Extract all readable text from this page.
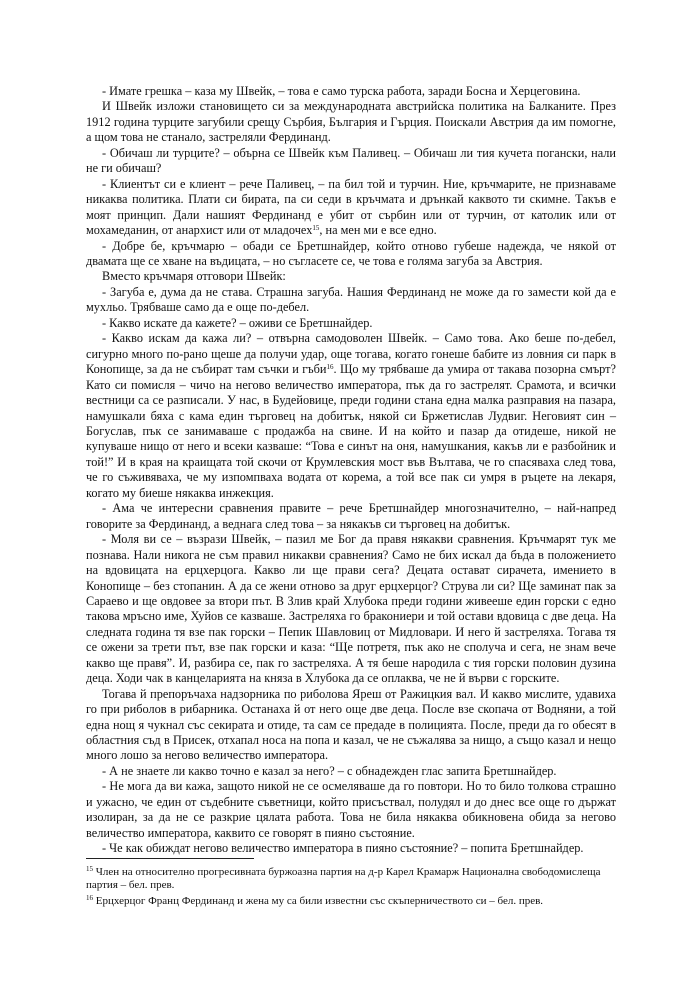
- Имате грешка – каза му Швейк, – това е само турска работа, заради Босна и Херцеговина.

И Швейк изложи становището си за международната австрийска политика на Балканите. През 1912 година турците загубили срещу Сърбия, България и Гърция. Поискали Австрия да им помогне, а щом това не станало, застреляли Фердинанд.

- Обичаш ли турците? – обърна се Швейк към Паливец. – Обичаш ли тия кучета погански, нали не ги обичаш?

- Клиентът си е клиент – рече Паливец, – па бил той и турчин. Ние, кръчмарите, не признаваме никаква политика. Плати си бирата, па си седи в кръчмата и дрънкай каквото ти скимне. Такъв е моят принцип. Дали нашият Фердинанд е убит от сърбин или от турчин, от католик или от мохамеданин, от анархист или от младочех$^{15}$, на мен ми е все едно.

- Добре бе, кръчмарю – обади се Бретшнайдер, който отново губеше надежда, че някой от двамата ще се хване на въдицата, – но съгласете се, че това е голяма загуба за Австрия.

Вместо кръчмаря отговори Швейк:

- Загуба е, дума да не става. Страшна загуба. Нашия Фердинанд не може да го замести кой да е мухльо. Трябваше само да е още по-дебел.

- Какво искате да кажете? – оживи се Бретшнайдер.

- Какво искам да кажа ли? – отвърна самодоволен Швейк. – Само това. Ако беше по-дебел, сигурно много по-рано щеше да получи удар, още тогава, когато гонеше бабите из ловния си парк в Конопище, за да не събират там съчки и гъби$^{16}$. Щo му трябваше да умира от такава позорна смърт? Като си помисля – чичо на негово величество императора, пък да го застрелят. Срамота, и всички вестници са се разписали. У нас, в Будейовице, преди години стана една малка разправия на пазара, намушкали бяха с кама един търговец на добитък, някой си Бржетислав Лудвиг. Неговият син – Богуслав, пък се занимаваше с продажба на свине. И на който и пазар да отидеше, никой не купуваше нищо от него и всеки казваше: “Това е синът на оня, намушкания, какъв ли е разбойник и той!” И в края на краищата той скочи от Крумлевския мост във Вълтава, че го спасяваха след това, че го съживяваха, че му изпомпваха водата от корема, а той все пак си умря в ръцете на лекаря, когато му биеше някаква инжекция.

- Ама че интересни сравнения правите – рече Бретшнайдер многозначително, – най-напред говорите за Фердинанд, а веднага след това – за някакъв си търговец на добитък.

- Моля ви се – възрази Швейк, – пазил ме Бог да правя някакви сравнения. Кръчмарят тук ме познава. Нали никога не съм правил никакви сравнения? Само не бих искал да бъда в положението на вдовицата на ерцхерцога. Какво ли ще прави сега? Децата остават сирачета, имението в Конопище – без стопанин. А да се жени отново за друг ерцхерцог? Струва ли си? Ще заминат пак за Сараево и ще овдовее за втори път. В Злив край Хлубока преди години живееше един горски с едно такова мръсно име, Хуйов се казваше. Застреляха го бракониери и той остави вдовица с две деца. На следната година тя взе пак горски – Пепик Шавловиц от Мидловари. И него й застреляха. Тогава тя се ожени за трети път, взе пак горски и каза: “Ще потретя, пък ако не сполуча и сега, не знам вече какво ще правя”. И, разбира се, пак го застреляха. А тя беше народила с тия горски половин дузина деца. Ходи чак в канцеларията на княза в Хлубока да се оплаква, че не й върви с горските.

Тогава й препоръчаха надзорника по риболова Яреш от Ражицкия вал. И какво мислите, удавиха го при риболов в рибарника. Останаха й от него още две деца. После взе скопача от Водняни, а той една нощ я чукнал със секирата и отиде, та сам се предаде в полицията. После, преди да го обесят в областния съд в Присек, отхапал носа на попа и казал, че не съжалява за нищо, а също казал и нещо много лошо за негово величество императора.

- А не знаете ли какво точно е казал за него? – с обнадежден глас запита Бретшнайдер.

- Не мога да ви кажа, защото никой не се осмеляваше да го повтори. Но то било толкова страшно и ужасно, че един от съдебните съветници, който присъствал, полудял и до днес все още го държат изолиран, за да не се разкрие цялата работа. Това не била някаква обикновена обида за негово величество императора, каквито се говорят в пияно състояние.

- Че как обиждат негово величество императора в пияно състояние? – попита Бретшнайдер.

$^{15}$ Член на относително прогресивната буржоазна партия на д-р Карел Крамарж Национална свободомислеща партия – бел. прев.

$^{16}$ Ерцхерцог Франц Фердинанд и жена му са били известни със скъперничеството си – бел. прев.
